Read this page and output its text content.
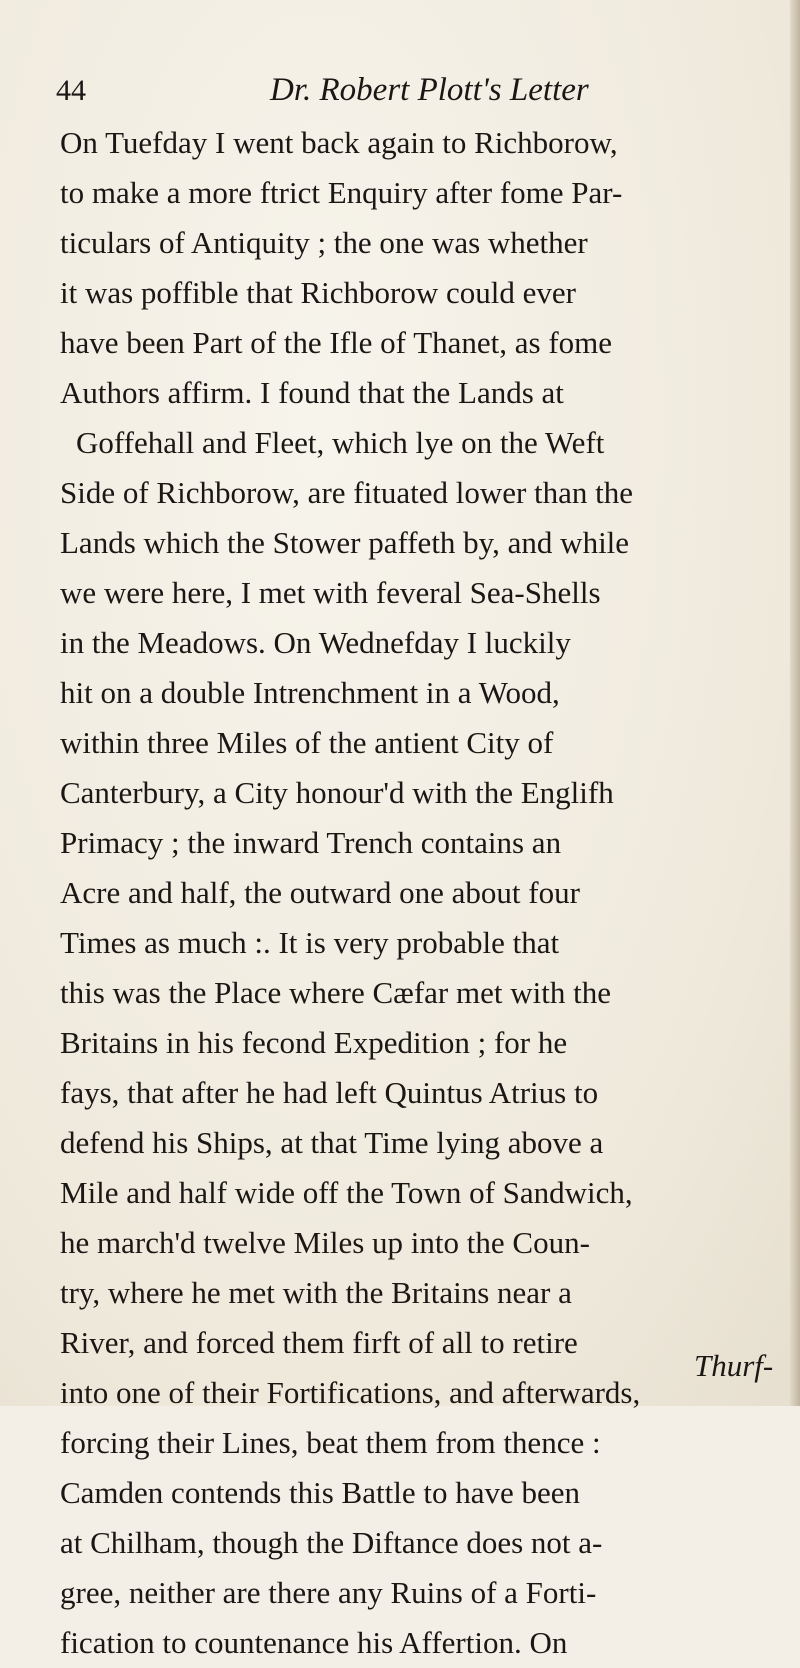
44	Dr. Robert Plott's Letter
On Tuefday I went back again to Richborow,
to make a more ftrict Enquiry after fome Par-
ticulars of Antiquity ; the one was whether
it was poffible that Richborow could ever
have been Part of the Ifle of Thanet, as fome
Authors affirm. I found that the Lands at
Goffehall and Fleet, which lye on the Weft
Side of Richborow, are fituated lower than the
Lands which the Stower paffeth by, and while
we were here, I met with feveral Sea-Shells
in the Meadows. On Wednefday I luckily
hit on a double Intrenchment in a Wood,
within three Miles of the antient City of
Canterbury, a City honour'd with the Englifh
Primacy ; the inward Trench contains an
Acre and half, the outward one about four
Times as much :. It is very probable that
this was the Place where Cæfar met with the
Britains in his fecond Expedition ; for he
fays, that after he had left Quintus Atrius to
defend his Ships, at that Time lying above a
Mile and half wide off the Town of Sandwich,
he march'd twelve Miles up into the Coun-
try, where he met with the Britains near a
River, and forced them firft of all to retire
into one of their Fortifications, and afterwards,
forcing their Lines, beat them from thence :
Camden contends this Battle to have been
at Chilham, though the Diftance does not a-
gree, neither are there any Ruins of a Forti-
fication to countenance his Affertion. On
Thurf-
